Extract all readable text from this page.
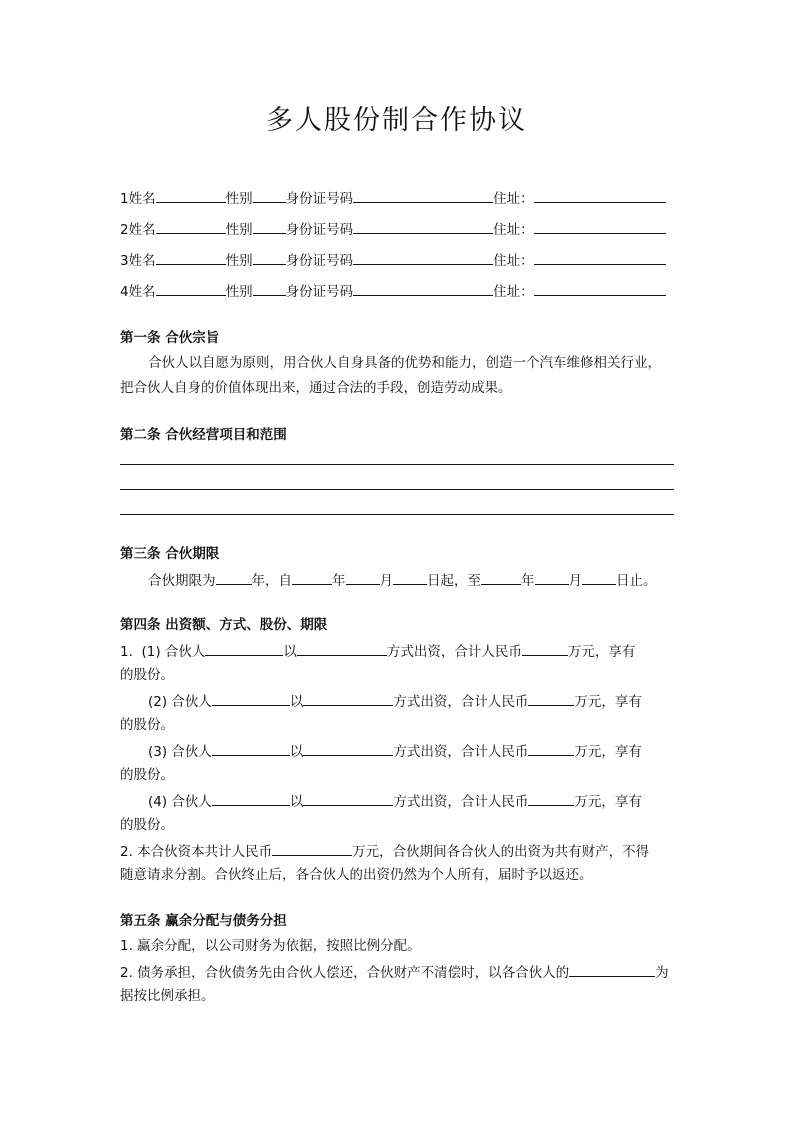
多人股份制合作协议
1姓名	性别 身份证号码	住址：
2姓名	性别 身份证号码	住址：
3姓名	性别 身份证号码	住址：
4姓名	性别 身份证号码	住址：
第一条 合伙宗旨
合伙人以自愿为原则，用合伙人自身具备的优势和能力，创造一个汽车维修相关行业，
把合伙人自身的价值体现出来，通过合法的手段，创造劳动成果。
第二条 合伙经营项目和范围
第三条 合伙期限
合伙期限为	年，自	年	月	日起，至	年	月	日止。
第四条 出资额、方式、股份、期限
1. (1) 合伙人	以	方式出资，合计人民币	万元，享有
的股份。
(2) 合伙人	以	方式出资，合计人民币	万元，享有
的股份。
(3) 合伙人	以	方式出资，合计人民币	万元，享有
的股份。
(4) 合伙人	以	方式出资，合计人民币	万元，享有
的股份。
2. 本合伙资本共计人民币	万元，合伙期间各合伙人的出资为共有财产，不得
随意请求分割。合伙终止后，各合伙人的出资仍然为个人所有，届时予以返还。
第五条 赢余分配与债务分担
1. 赢余分配，以公司财务为依据，按照比例分配。
2. 债务承担，合伙债务先由合伙人偿还，合伙财产不清偿时，以各合伙人的	为
据按比例承担。
